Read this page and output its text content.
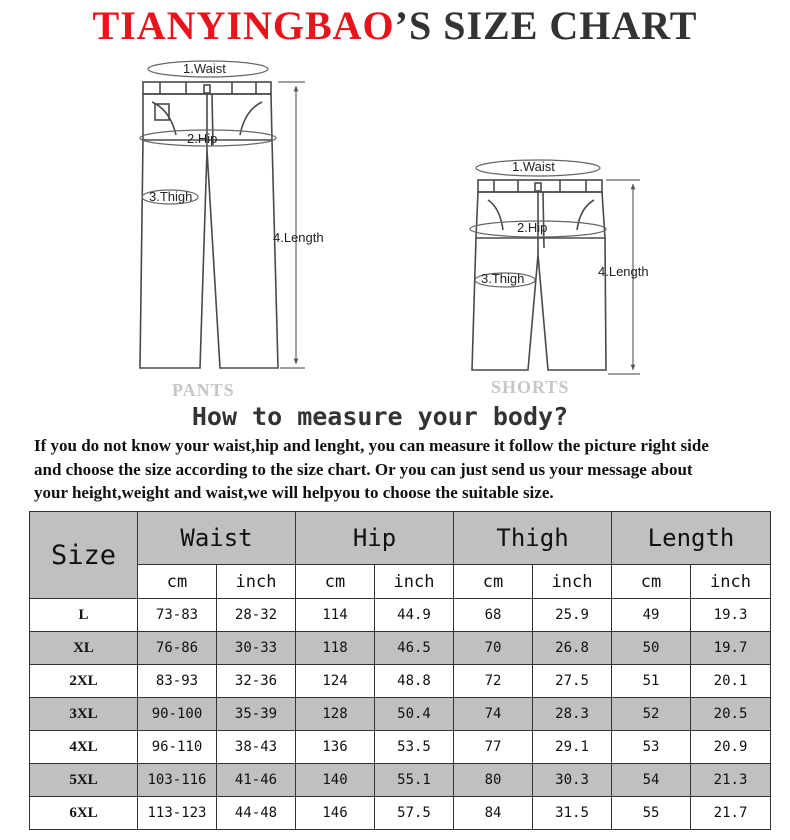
TIANYINGBAO’S SIZE CHART
1.Waist
2.Hip
3.Thigh
4.Length
1.Waist
2.Hip
3.Thigh	4.Length
PANTS	SHORTS
How to measure your body?

If you do not know your waist,hip and lenght, you can measure it follow the picture right side

and choose the size according to the size chart. Or you can just send us your message about

your height,weight and waist,we will helpyou to choose the suitable size.

Size	Waist		Hip		Thigh		Length	
	cm	inch	cm	inch	cm	inch	cm	inch
L	73-83	28-32	114	44.9	68	25.9	49	19.3
XL	76-86	30-33	118	46.5	70	26.8	50	19.7
2XL	83-93	32-36	124	48.8	72	27.5	51	20.1
3XL	90-100	35-39	128	50.4	74	28.3	52	20.5
4XL	96-110	38-43	136	53.5	77	29.1	53	20.9
5XL	103-116	41-46	140	55.1	80	30.3	54	21.3
6XL	113-123	44-48	146	57.5	84	31.5	55	21.7
